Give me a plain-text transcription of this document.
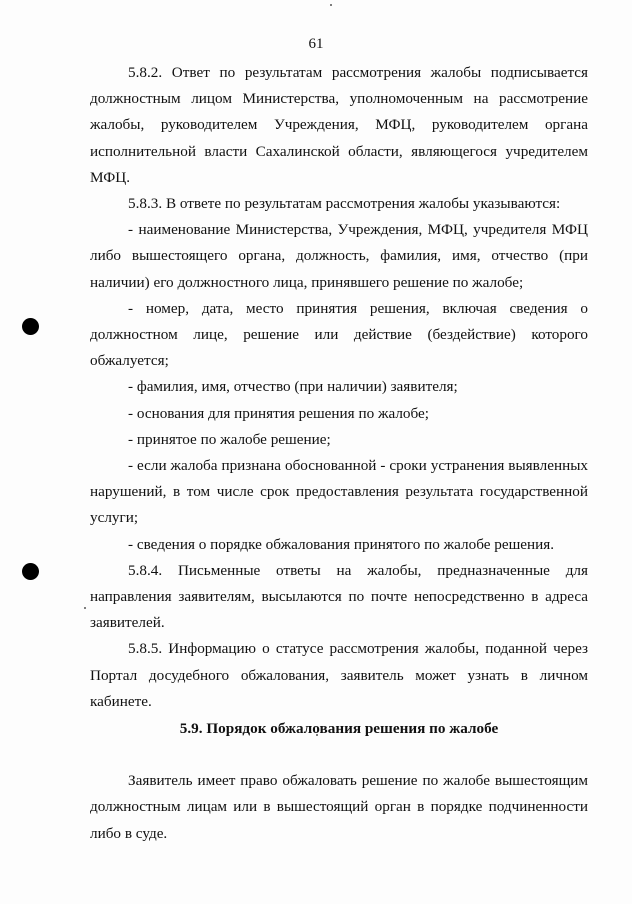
61

5.8.2. Ответ по результатам рассмотрения жалобы подписывается должностным лицом Министерства, уполномоченным на рассмотрение жалобы, руководителем Учреждения, МФЦ, руководителем органа исполнительной власти Сахалинской области, являющегося учредителем МФЦ.

5.8.3. В ответе по результатам рассмотрения жалобы указываются:

- наименование Министерства, Учреждения, МФЦ, учредителя МФЦ либо вышестоящего органа, должность, фамилия, имя, отчество (при наличии) его должностного лица, принявшего решение по жалобе;

- номер, дата, место принятия решения, включая сведения о должностном лице, решение или действие (бездействие) которого обжалуется;

- фамилия, имя, отчество (при наличии) заявителя;

- основания для принятия решения по жалобе;

- принятое по жалобе решение;

- если жалоба признана обоснованной - сроки устранения выявленных нарушений, в том числе срок предоставления результата государственной услуги;

- сведения о порядке обжалования принятого по жалобе решения.

5.8.4. Письменные ответы на жалобы, предназначенные для направления заявителям, высылаются по почте непосредственно в адреса заявителей.

5.8.5. Информацию о статусе рассмотрения жалобы, поданной через Портал досудебного обжалования, заявитель может узнать в личном кабинете.

5.9. Порядок обжалования решения по жалобе

Заявитель имеет право обжаловать решение по жалобе вышестоящим должностным лицам или в вышестоящий орган в порядке подчиненности либо в суде.
